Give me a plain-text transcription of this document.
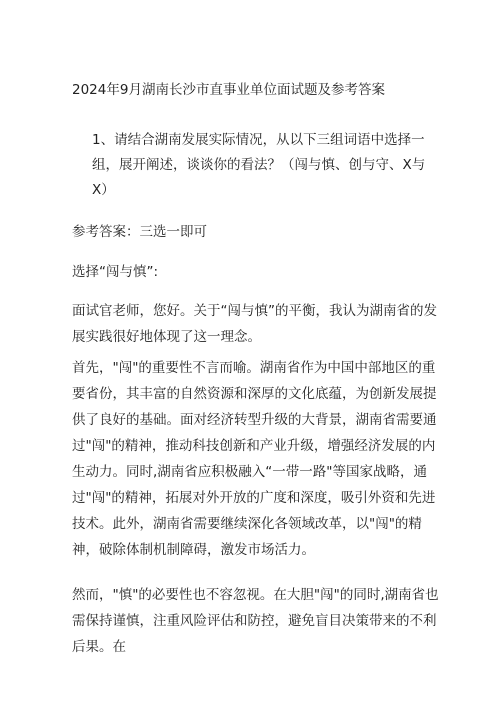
2024年9月湖南长沙市直事业单位面试题及参考答案
1、请结合湖南发展实际情况，从以下三组词语中选择一组，展开阐述，谈谈你的看法？（闯与慎、创与守、X与X）
参考答案：三选一即可
选择“闯与慎”:
面试官老师，您好。关于“闯与慎”的平衡，我认为湖南省的发展实践很好地体现了这一理念。
首先，"闯"的重要性不言而喻。湖南省作为中国中部地区的重要省份，其丰富的自然资源和深厚的文化底蕴，为创新发展提供了良好的基础。面对经济转型升级的大背景，湖南省需要通过"闯"的精神，推动科技创新和产业升级，增强经济发展的内生动力。同时,湖南省应积极融入“一带一路"等国家战略，通过"闯"的精神，拓展对外开放的广度和深度，吸引外资和先进技术。此外，湖南省需要继续深化各领域改革，以"闯"的精神，破除体制机制障碍，激发市场活力。
然而，"慎"的必要性也不容忽视。在大胆"闯"的同时,湖南省也需保持谨慎，注重风险评估和防控，避免盲目决策带来的不利后果。在
